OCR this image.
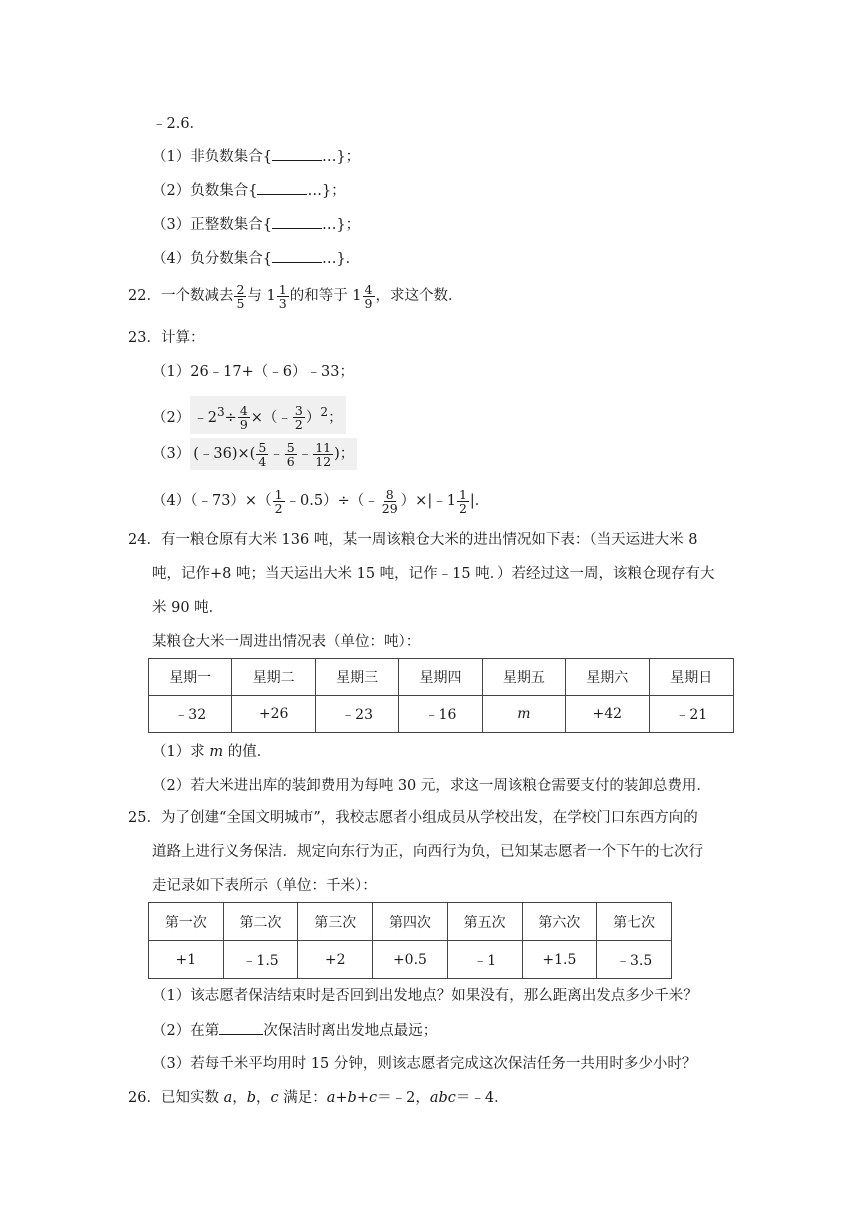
﹣2.6．
（1）非负数集合{	…}；
（2）负数集合{	…}；
（3）正整数集合{	…}；
（4）负分数集合{	…}．
22．一个数减去 $\frac{2}{5}$ 与 $1 \frac{1}{3}$ 的和等于 $1 \frac{4}{9}$ ，求这个数．
23．计算：
（1）26﹣17+（﹣6）﹣33；
（2） $﹣2^3\div \frac{4}{9}$ ×（﹣ $\frac{3}{2} )^2$；
（3） (﹣36)×( $\frac{5}{4}$ ﹣ $\frac{5}{6}$ ﹣ $\frac{11}{12}$ )；
（4）（﹣73）×（ $\frac{1}{2}$ ﹣0.5）÷（﹣ $\frac{8}{29}$ ）×|﹣1 $\frac{1}{2}$ |．
24．有一粮仓原有大米 136 吨，某一周该粮仓大米的进出情况如下表：（当天运进大米 8
吨，记作+8 吨；当天运出大米 15 吨，记作﹣15 吨．）若经过这一周，该粮仓现存有大
米 90 吨．
某粮仓大米一周进出情况表（单位：吨）：
星期一	星期二	星期三	星期四	星期五	星期六	星期日
﹣32	+26	﹣23	﹣16	m	+42	﹣21
（1）求 m 的值．
（2）若大米进出库的装卸费用为每吨 30 元，求这一周该粮仓需要支付的装卸总费用．
25．为了创建“全国文明城市”，我校志愿者小组成员从学校出发，在学校门口东西方向的
道路上进行义务保洁．规定向东行为正，向西行为负，已知某志愿者一个下午的七次行
走记录如下表所示（单位：千米）：
第一次	第二次	第三次	第四次	第五次	第六次	第七次
+1	﹣1.5	+2	+0.5	﹣1	+1.5	﹣3.5
（1）该志愿者保洁结束时是否回到出发地点？如果没有，那么距离出发点多少千米？
（2）在第	次保洁时离出发地点最远；
（3）若每千米平均用时 15 分钟，则该志愿者完成这次保洁任务一共用时多少小时？
26．已知实数 a，b，c 满足：a+b+c＝﹣2，abc＝﹣4．
